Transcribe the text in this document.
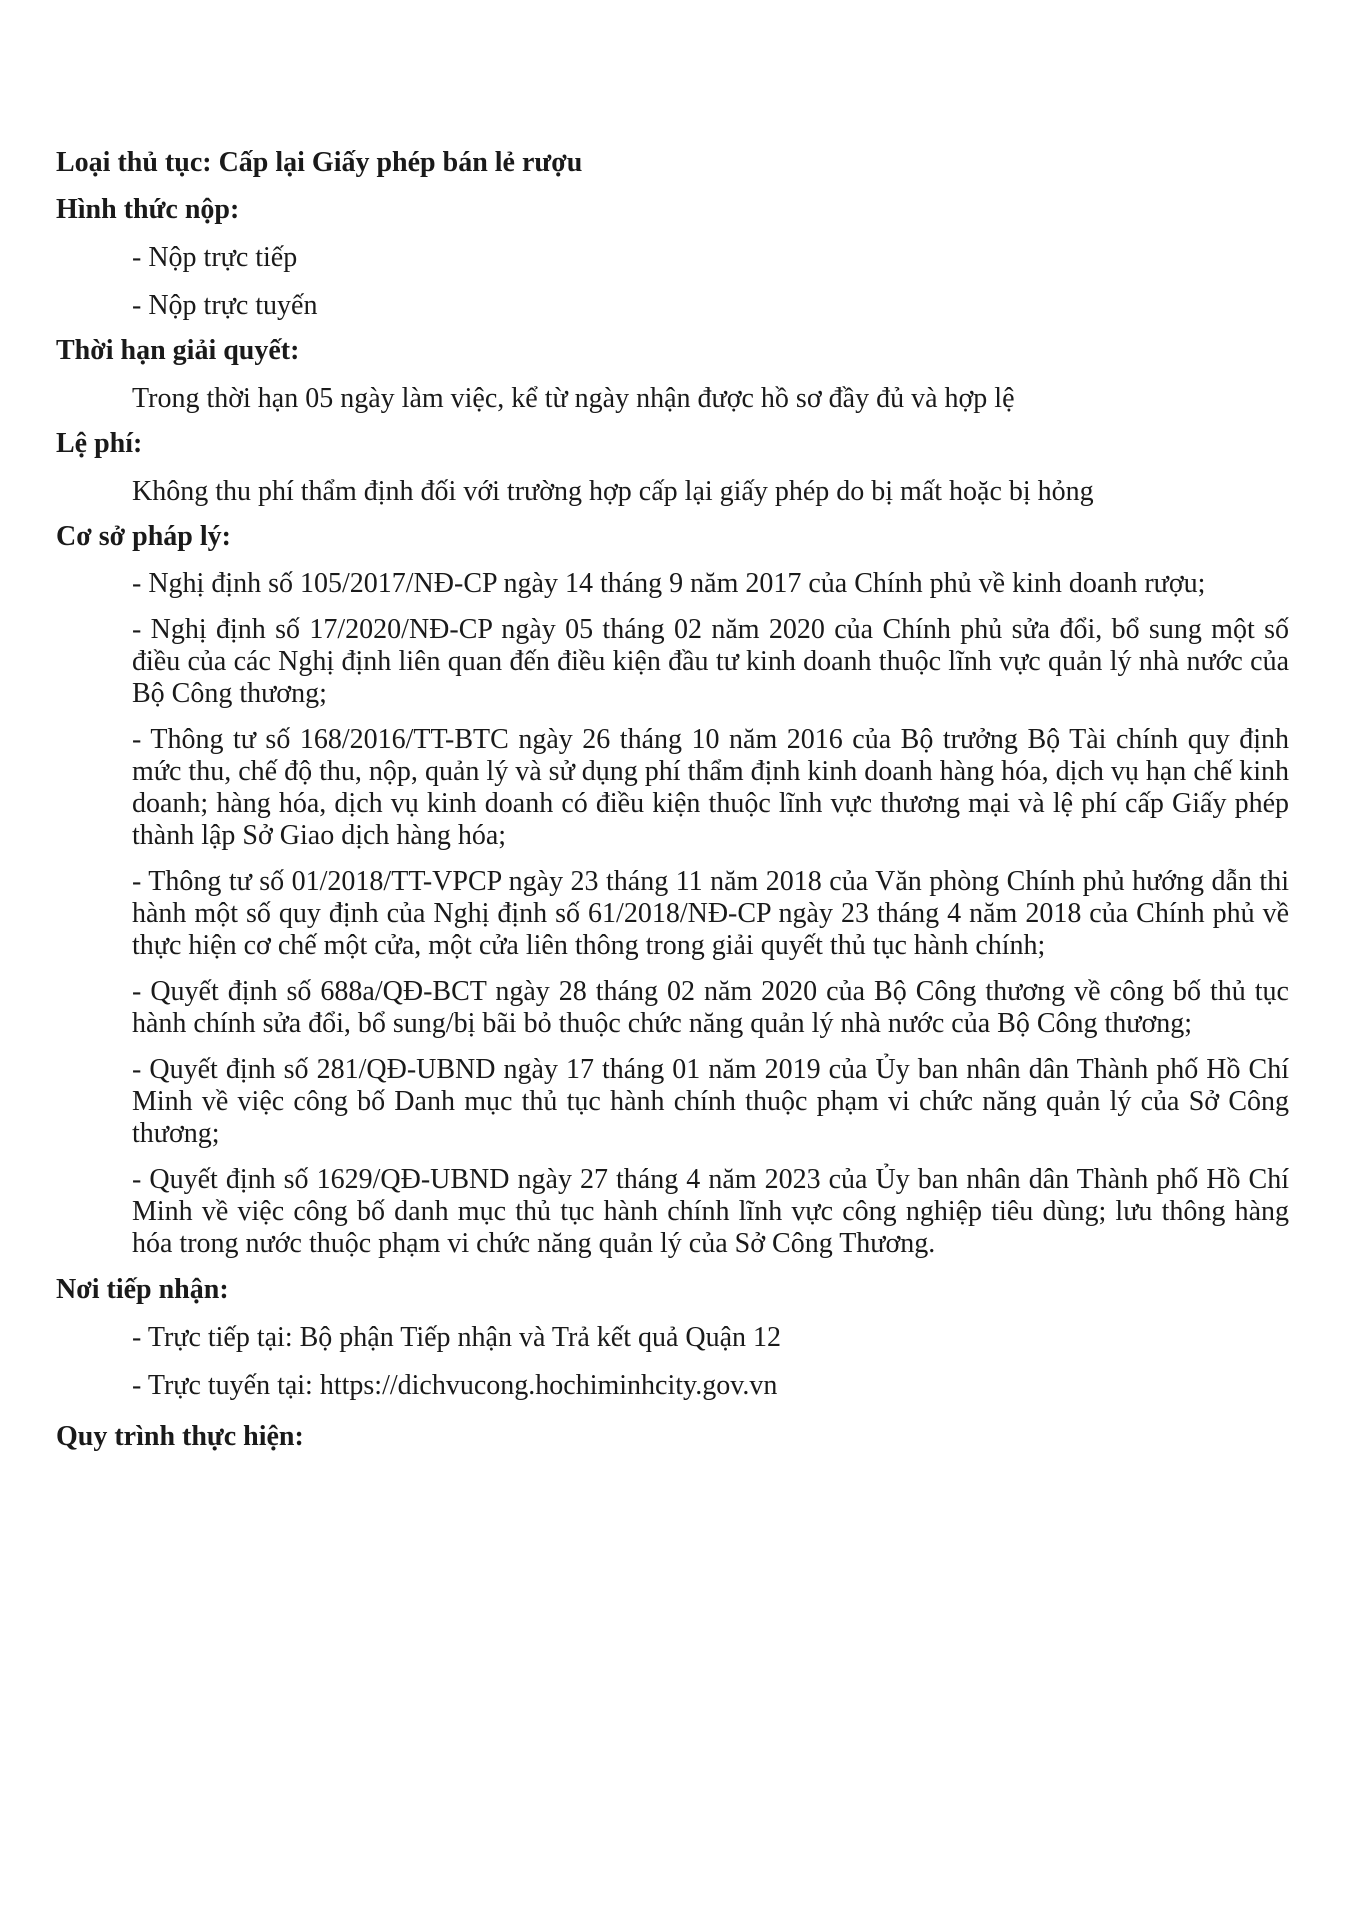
Loại thủ tục: Cấp lại Giấy phép bán lẻ rượu

Hình thức nộp:

- Nộp trực tiếp

- Nộp trực tuyến

Thời hạn giải quyết:

Trong thời hạn 05 ngày làm việc, kể từ ngày nhận được hồ sơ đầy đủ và hợp lệ

Lệ phí:

Không thu phí thẩm định đối với trường hợp cấp lại giấy phép do bị mất hoặc bị hỏng

Cơ sở pháp lý:

- Nghị định số 105/2017/NĐ-CP ngày 14 tháng 9 năm 2017 của Chính phủ về kinh doanh rượu;

- Nghị định số 17/2020/NĐ-CP ngày 05 tháng 02 năm 2020 của Chính phủ sửa đổi, bổ sung một số điều của các Nghị định liên quan đến điều kiện đầu tư kinh doanh thuộc lĩnh vực quản lý nhà nước của Bộ Công thương;

- Thông tư số 168/2016/TT-BTC ngày 26 tháng 10 năm 2016 của Bộ trưởng Bộ Tài chính quy định mức thu, chế độ thu, nộp, quản lý và sử dụng phí thẩm định kinh doanh hàng hóa, dịch vụ hạn chế kinh doanh; hàng hóa, dịch vụ kinh doanh có điều kiện thuộc lĩnh vực thương mại và lệ phí cấp Giấy phép thành lập Sở Giao dịch hàng hóa;

- Thông tư số 01/2018/TT-VPCP ngày 23 tháng 11 năm 2018 của Văn phòng Chính phủ hướng dẫn thi hành một số quy định của Nghị định số 61/2018/NĐ-CP ngày 23 tháng 4 năm 2018 của Chính phủ về thực hiện cơ chế một cửa, một cửa liên thông trong giải quyết thủ tục hành chính;

- Quyết định số 688a/QĐ-BCT ngày 28 tháng 02 năm 2020 của Bộ Công thương về công bố thủ tục hành chính sửa đổi, bổ sung/bị bãi bỏ thuộc chức năng quản lý nhà nước của Bộ Công thương;

- Quyết định số 281/QĐ-UBND ngày 17 tháng 01 năm 2019 của Ủy ban nhân dân Thành phố Hồ Chí Minh về việc công bố Danh mục thủ tục hành chính thuộc phạm vi chức năng quản lý của Sở Công thương;

- Quyết định số 1629/QĐ-UBND ngày 27 tháng 4 năm 2023 của Ủy ban nhân dân Thành phố Hồ Chí Minh về việc công bố danh mục thủ tục hành chính lĩnh vực công nghiệp tiêu dùng; lưu thông hàng hóa trong nước thuộc phạm vi chức năng quản lý của Sở Công Thương.

Nơi tiếp nhận:

- Trực tiếp tại: Bộ phận Tiếp nhận và Trả kết quả Quận 12

- Trực tuyến tại: https://dichvucong.hochiminhcity.gov.vn

Quy trình thực hiện:
